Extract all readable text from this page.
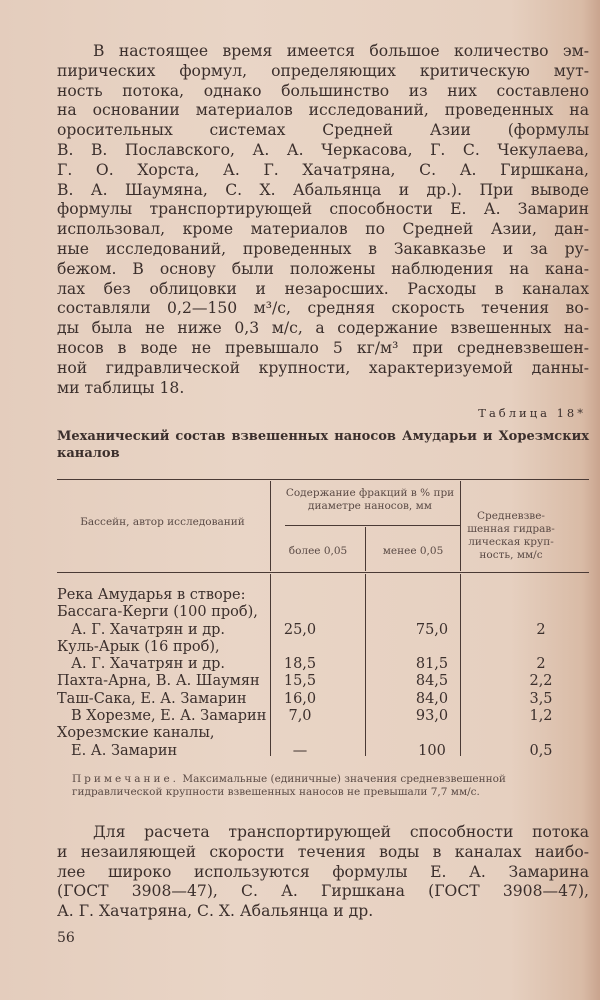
В настоящее время имеется большое количество эм-
пирических формул, определяющих критическую мут-
ность потока, однако большинство из них составлено
на основании материалов исследований, проведенных на
оросительных системах Средней Азии (формулы
В. В. Пославского, А. А. Черкасова, Г. С. Чекулаева,
Г. О. Хорста, А. Г. Хачатряна, С. А. Гиршкана,
В. А. Шаумяна, С. Х. Абальянца и др.). При выводе
формулы транспортирующей способности Е. А. Замарин
использовал, кроме материалов по Средней Азии, дан-
ные исследований, проведенных в Закавказье и за ру-
бежом. В основу были положены наблюдения на кана-
лах без облицовки и незаросших. Расходы в каналах
составляли 0,2—150 м³/с, средняя скорость течения во-
ды была не ниже 0,3 м/с, а содержание взвешенных на-
носов в воде не превышало 5 кг/м³ при средневзвешен-
ной гидравлической крупности, характеризуемой данны-
ми таблицы 18.
Таблица 18*
Механический состав взвешенных наносов Амударьи и Хорезмских
каналов
Бассейн, автор исследований
Содержание фракций в % при диаметре наносов, мм
более 0,05	менее 0,05
Средневзве-шенная гидрав-лическая круп-ность, мм/с
Река Амударья в створе:
Бассага-Керги (100 проб),
А. Г. Хачатрян и др.	25,0	75,0	2
Куль-Арык (16 проб),
А. Г. Хачатрян и др.	18,5	81,5	2
Пахта-Арна, В. А. Шаумян	15,5	84,5	2,2
Таш-Сака, Е. А. Замарин	16,0	84,0	3,5
В Хорезме, Е. А. Замарин	7,0	93,0	1,2
Хорезмские каналы,
Е. А. Замарин	—	100	0,5
Примечание. Максимальные (единичные) значения средневзвешенной гидравлической крупности взвешенных наносов не превышали 7,7 мм/с.
Для расчета транспортирующей способности потока
и незаиляющей скорости течения воды в каналах наибо-
лее широко используются формулы Е. А. Замарина
(ГОСТ 3908—47), С. А. Гиршкана (ГОСТ 3908—47),
А. Г. Хачатряна, С. Х. Абальянца и др.
56
